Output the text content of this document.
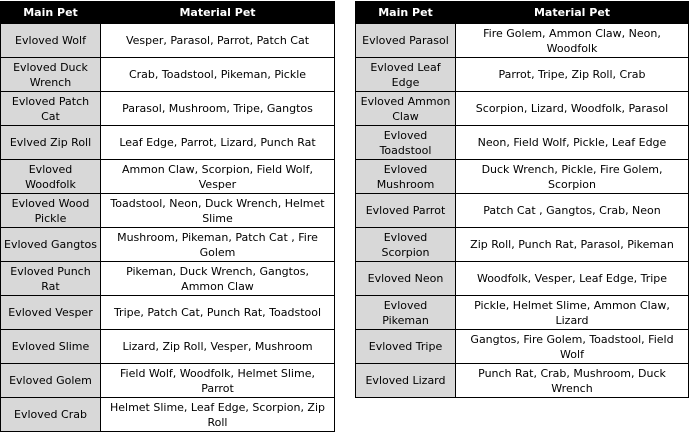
Main Pet	Material Pet
Evloved Wolf	Vesper, Parasol, Parrot, Patch Cat
Evloved Duck Wrench	Crab, Toadstool, Pikeman, Pickle
Evloved Patch Cat	Parasol, Mushroom, Tripe, Gangtos
Evlved Zip Roll	Leaf Edge, Parrot, Lizard, Punch Rat
Evloved Woodfolk	Ammon Claw, Scorpion, Field Wolf, Vesper
Evloved Wood Pickle	Toadstool, Neon, Duck Wrench, Helmet Slime
Evloved Gangtos	Mushroom, Pikeman, Patch Cat , Fire Golem
Evloved Punch Rat	Pikeman, Duck Wrench, Gangtos, Ammon Claw
Evloved Vesper	Tripe, Patch Cat, Punch Rat, Toadstool
Evloved Slime	Lizard, Zip Roll, Vesper, Mushroom
Evloved Golem	Field Wolf, Woodfolk, Helmet Slime, Parrot
Evloved Crab	Helmet Slime, Leaf Edge, Scorpion, Zip Roll
Main Pet	Material Pet
Evloved Parasol	Fire Golem, Ammon Claw, Neon, Woodfolk
Evloved Leaf Edge	Parrot, Tripe, Zip Roll, Crab
Evloved Ammon Claw	Scorpion, Lizard, Woodfolk, Parasol
Evloved Toadstool	Neon, Field Wolf, Pickle, Leaf Edge
Evloved Mushroom	Duck Wrench, Pickle, Fire Golem, Scorpion
Evloved Parrot	Patch Cat , Gangtos, Crab, Neon
Evloved Scorpion	Zip Roll, Punch Rat, Parasol, Pikeman
Evloved Neon	Woodfolk, Vesper, Leaf Edge, Tripe
Evloved Pikeman	Pickle, Helmet Slime, Ammon Claw, Lizard
Evloved Tripe	Gangtos, Fire Golem, Toadstool, Field Wolf
Evloved Lizard	Punch Rat, Crab, Mushroom, Duck Wrench
